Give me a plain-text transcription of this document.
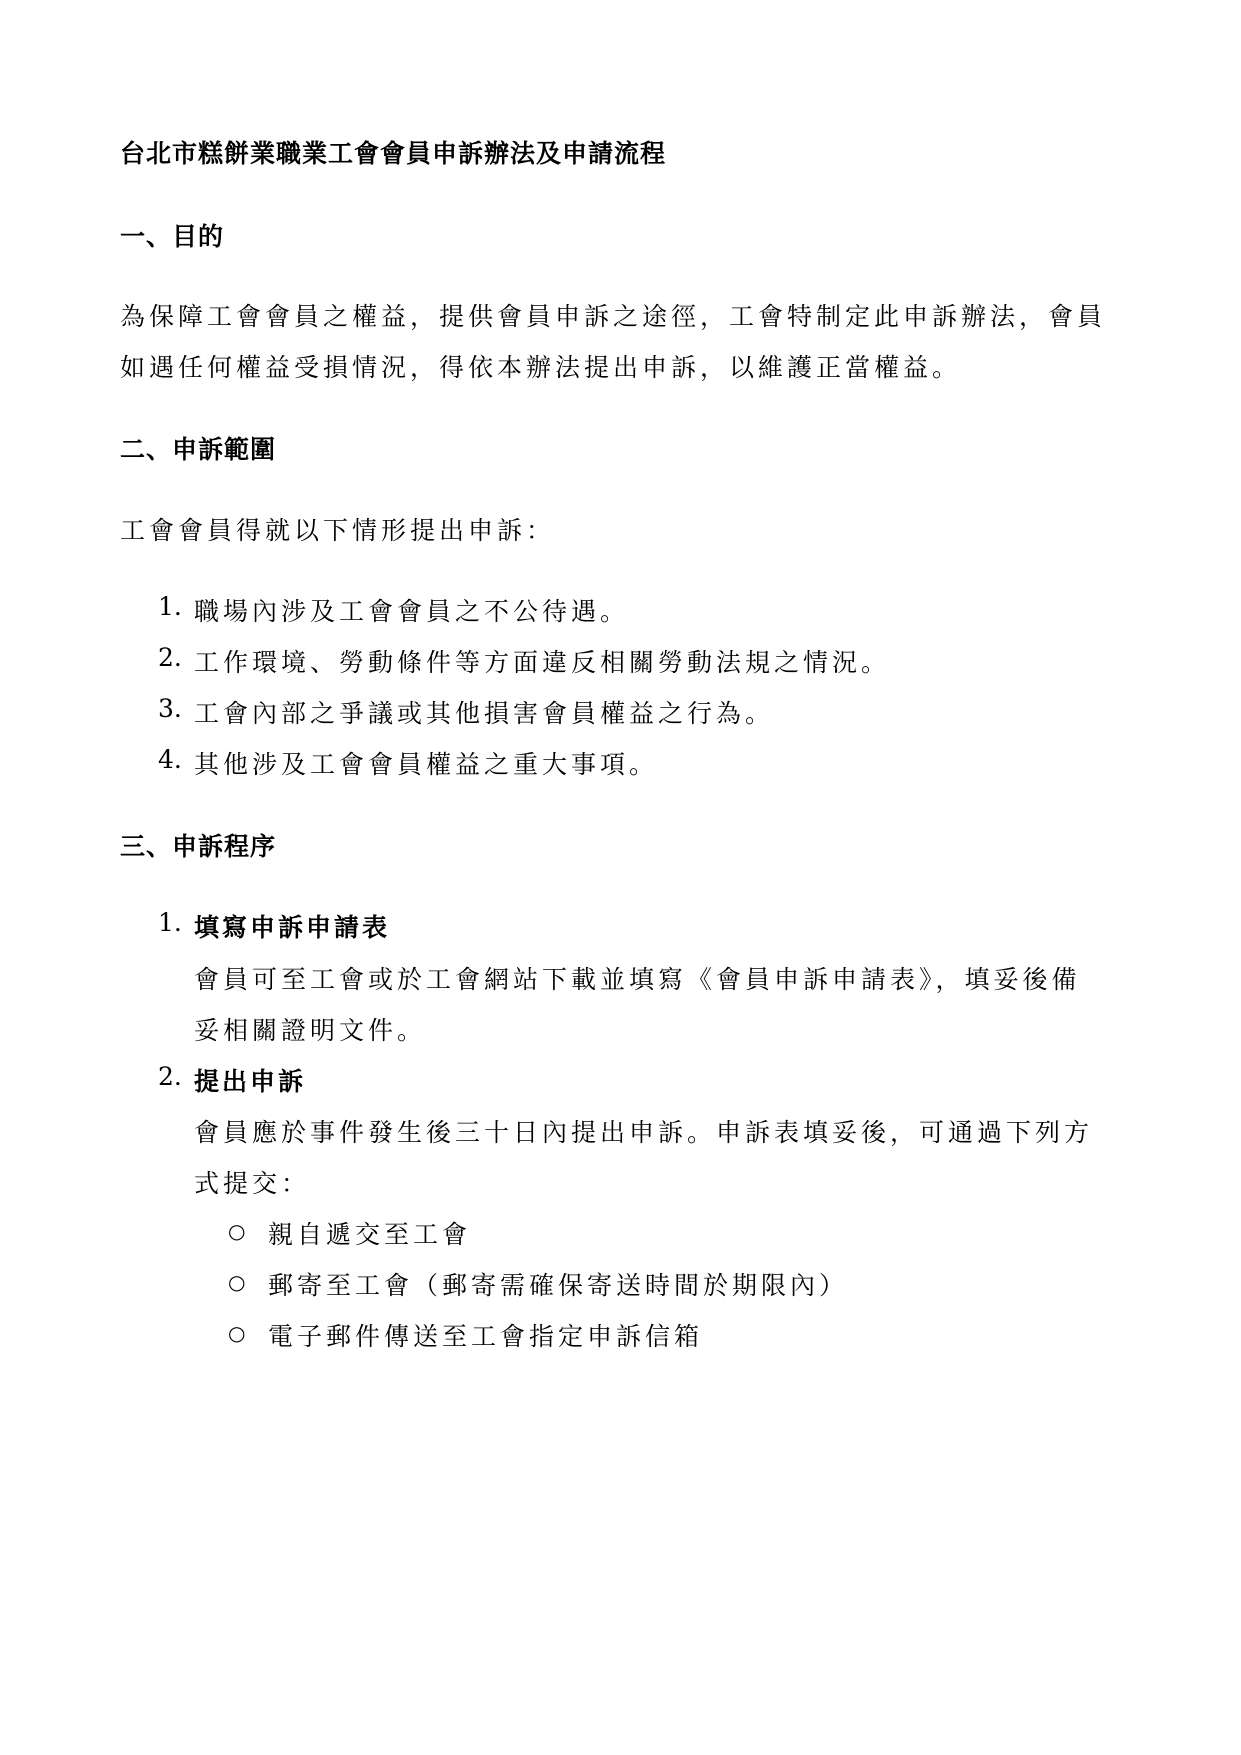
台北市糕餅業職業工會會員申訴辦法及申請流程
一、目的
為保障工會會員之權益，提供會員申訴之途徑，工會特制定此申訴辦法，會員
如遇任何權益受損情況，得依本辦法提出申訴，以維護正當權益。
二、申訴範圍
工會會員得就以下情形提出申訴：
1. 職場內涉及工會會員之不公待遇。
2. 工作環境、勞動條件等方面違反相關勞動法規之情況。
3. 工會內部之爭議或其他損害會員權益之行為。
4. 其他涉及工會會員權益之重大事項。
三、申訴程序
1. 填寫申訴申請表
會員可至工會或於工會網站下載並填寫《會員申訴申請表》，填妥後備
妥相關證明文件。
2. 提出申訴
會員應於事件發生後三十日內提出申訴。申訴表填妥後，可通過下列方
式提交：
○ 親自遞交至工會
○ 郵寄至工會（郵寄需確保寄送時間於期限內）
○ 電子郵件傳送至工會指定申訴信箱
